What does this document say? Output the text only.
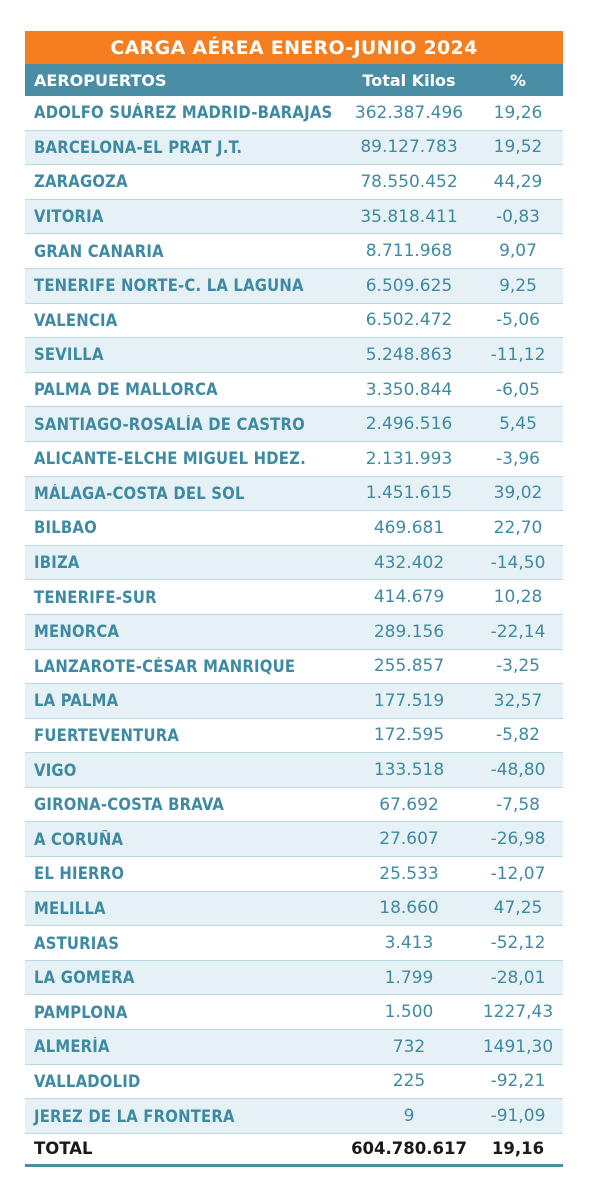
CARGA AÉREA ENERO-JUNIO 2024
AEROPUERTOS	Total Kilos	%
ADOLFO SUÁREZ MADRID-BARAJAS	362.387.496	19,26
BARCELONA-EL PRAT J.T.	89.127.783	19,52
ZARAGOZA	78.550.452	44,29
VITORIA	35.818.411	-0,83
GRAN CANARIA	8.711.968	9,07
TENERIFE NORTE-C. LA LAGUNA	6.509.625	9,25
VALENCIA	6.502.472	-5,06
SEVILLA	5.248.863	-11,12
PALMA DE MALLORCA	3.350.844	-6,05
SANTIAGO-ROSALÍA DE CASTRO	2.496.516	5,45
ALICANTE-ELCHE MIGUEL HDEZ.	2.131.993	-3,96
MÁLAGA-COSTA DEL SOL	1.451.615	39,02
BILBAO	469.681	22,70
IBIZA	432.402	-14,50
TENERIFE-SUR	414.679	10,28
MENORCA	289.156	-22,14
LANZAROTE-CÉSAR MANRIQUE	255.857	-3,25
LA PALMA	177.519	32,57
FUERTEVENTURA	172.595	-5,82
VIGO	133.518	-48,80
GIRONA-COSTA BRAVA	67.692	-7,58
A CORUÑA	27.607	-26,98
EL HIERRO	25.533	-12,07
MELILLA	18.660	47,25
ASTURIAS	3.413	-52,12
LA GOMERA	1.799	-28,01
PAMPLONA	1.500	1227,43
ALMERÍA	732	1491,30
VALLADOLID	225	-92,21
JEREZ DE LA FRONTERA	9	-91,09
TOTAL	604.780.617	19,16
